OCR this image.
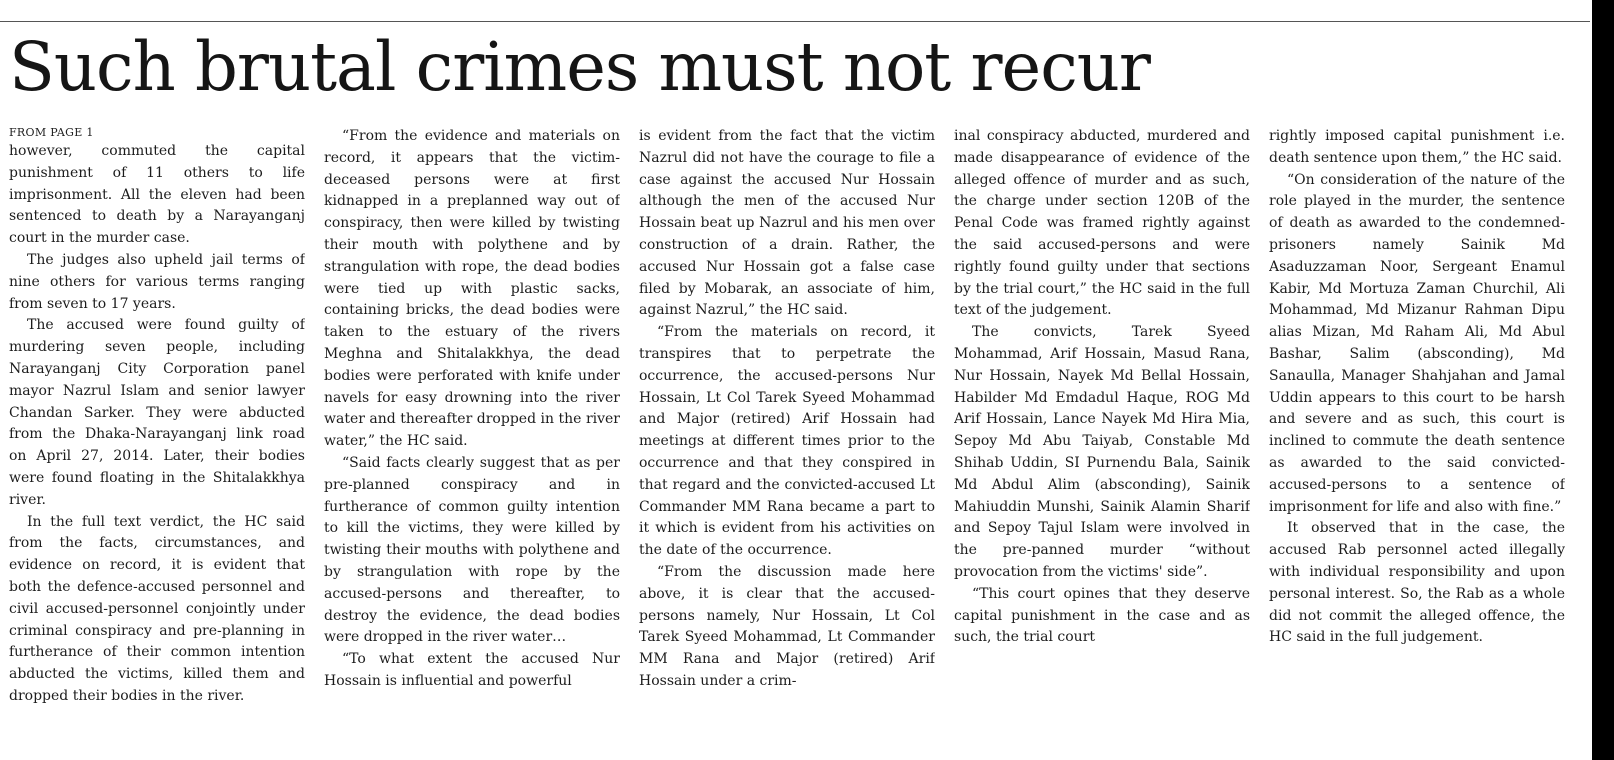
Such brutal crimes must not recur
FROM PAGE 1

however, commuted the capital punishment of 11 others to life imprisonment. All the eleven had been sentenced to death by a Narayanganj court in the murder case.

The judges also upheld jail terms of nine others for various terms ranging from seven to 17 years.

The accused were found guilty of murdering seven people, including Narayanganj City Corporation panel mayor Nazrul Islam and senior lawyer Chandan Sarker. They were abducted from the Dhaka-Narayanganj link road on April 27, 2014. Later, their bodies were found floating in the Shitalakkhya river.

In the full text verdict, the HC said from the facts, circumstances, and evidence on record, it is evident that both the defence-accused personnel and civil accused-personnel conjointly under criminal conspiracy and pre-planning in furtherance of their common intention abducted the victims, killed them and dropped their bodies in the river.

“From the evidence and materials on record, it appears that the victim-deceased persons were at first kidnapped in a preplanned way out of conspiracy, then were killed by twisting their mouth with polythene and by strangulation with rope, the dead bodies were tied up with plastic sacks, containing bricks, the dead bodies were taken to the estuary of the rivers Meghna and Shitalakkhya, the dead bodies were perforated with knife under navels for easy drowning into the river water and thereafter dropped in the river water,” the HC said.

“Said facts clearly suggest that as per pre-planned conspiracy and in furtherance of common guilty intention to kill the victims, they were killed by twisting their mouths with polythene and by strangulation with rope by the accused-persons and thereafter, to destroy the evidence, the dead bodies were dropped in the river water…

“To what extent the accused Nur Hossain is influential and powerful

is evident from the fact that the victim Nazrul did not have the courage to file a case against the accused Nur Hossain although the men of the accused Nur Hossain beat up Nazrul and his men over construction of a drain. Rather, the accused Nur Hossain got a false case filed by Mobarak, an associate of him, against Nazrul,” the HC said.

“From the materials on record, it transpires that to perpetrate the occurrence, the accused-persons Nur Hossain, Lt Col Tarek Syeed Mohammad and Major (retired) Arif Hossain had meetings at different times prior to the occurrence and that they conspired in that regard and the convicted-accused Lt Commander MM Rana became a part to it which is evident from his activities on the date of the occurrence.

“From the discussion made here above, it is clear that the accused-persons namely, Nur Hossain, Lt Col Tarek Syeed Mohammad, Lt Commander MM Rana and Major (retired) Arif Hossain under a crim-

inal conspiracy abducted, murdered and made disappearance of evidence of the alleged offence of murder and as such, the charge under section 120B of the Penal Code was framed rightly against the said accused-persons and were rightly found guilty under that sections by the trial court,” the HC said in the full text of the judgement.

The convicts, Tarek Syeed Mohammad, Arif Hossain, Masud Rana, Nur Hossain, Nayek Md Bellal Hossain, Habilder Md Emdadul Haque, ROG Md Arif Hossain, Lance Nayek Md Hira Mia, Sepoy Md Abu Taiyab, Constable Md Shihab Uddin, SI Purnendu Bala, Sainik Md Abdul Alim (absconding), Sainik Mahiuddin Munshi, Sainik Alamin Sharif and Sepoy Tajul Islam were involved in the pre-panned murder “without provocation from the victims' side”.

“This court opines that they deserve capital punishment in the case and as such, the trial court

rightly imposed capital punishment i.e. death sentence upon them,” the HC said.

“On consideration of the nature of the role played in the murder, the sentence of death as awarded to the condemned-prisoners namely Sainik Md Asaduzzaman Noor, Sergeant Enamul Kabir, Md Mortuza Zaman Churchil, Ali Mohammad, Md Mizanur Rahman Dipu alias Mizan, Md Raham Ali, Md Abul Bashar, Salim (absconding), Md Sanaulla, Manager Shahjahan and Jamal Uddin appears to this court to be harsh and severe and as such, this court is inclined to commute the death sentence as awarded to the said convicted-accused-persons to a sentence of imprisonment for life and also with fine.”

It observed that in the case, the accused Rab personnel acted illegally with individual responsibility and upon personal interest. So, the Rab as a whole did not commit the alleged offence, the HC said in the full judgement.
